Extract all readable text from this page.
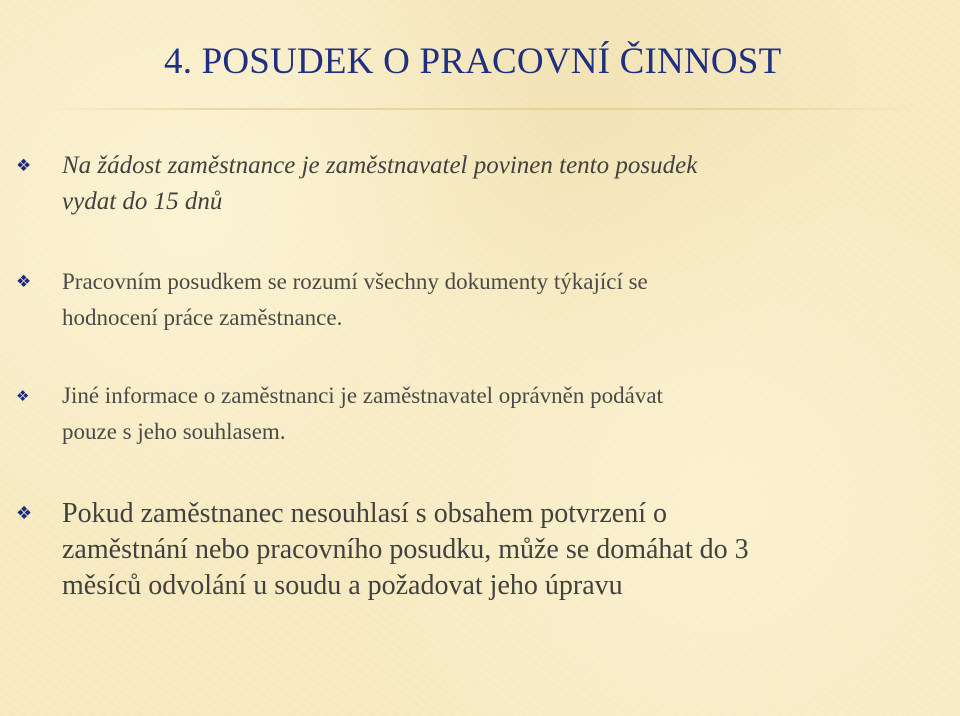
4. POSUDEK O PRACOVNÍ ČINNOST
❖	Na žádost zaměstnance je zaměstnavatel povinen tento posudek
vydat do 15 dnů

❖	Pracovním posudkem se rozumí všechny dokumenty týkající se
hodnocení práce zaměstnance.

❖	Jiné informace o zaměstnanci je zaměstnavatel oprávněn podávat
pouze s jeho souhlasem.

❖	Pokud zaměstnanec nesouhlasí s obsahem potvrzení o
zaměstnání nebo pracovního posudku, může se domáhat do 3
měsíců odvolání u soudu a požadovat jeho úpravu
